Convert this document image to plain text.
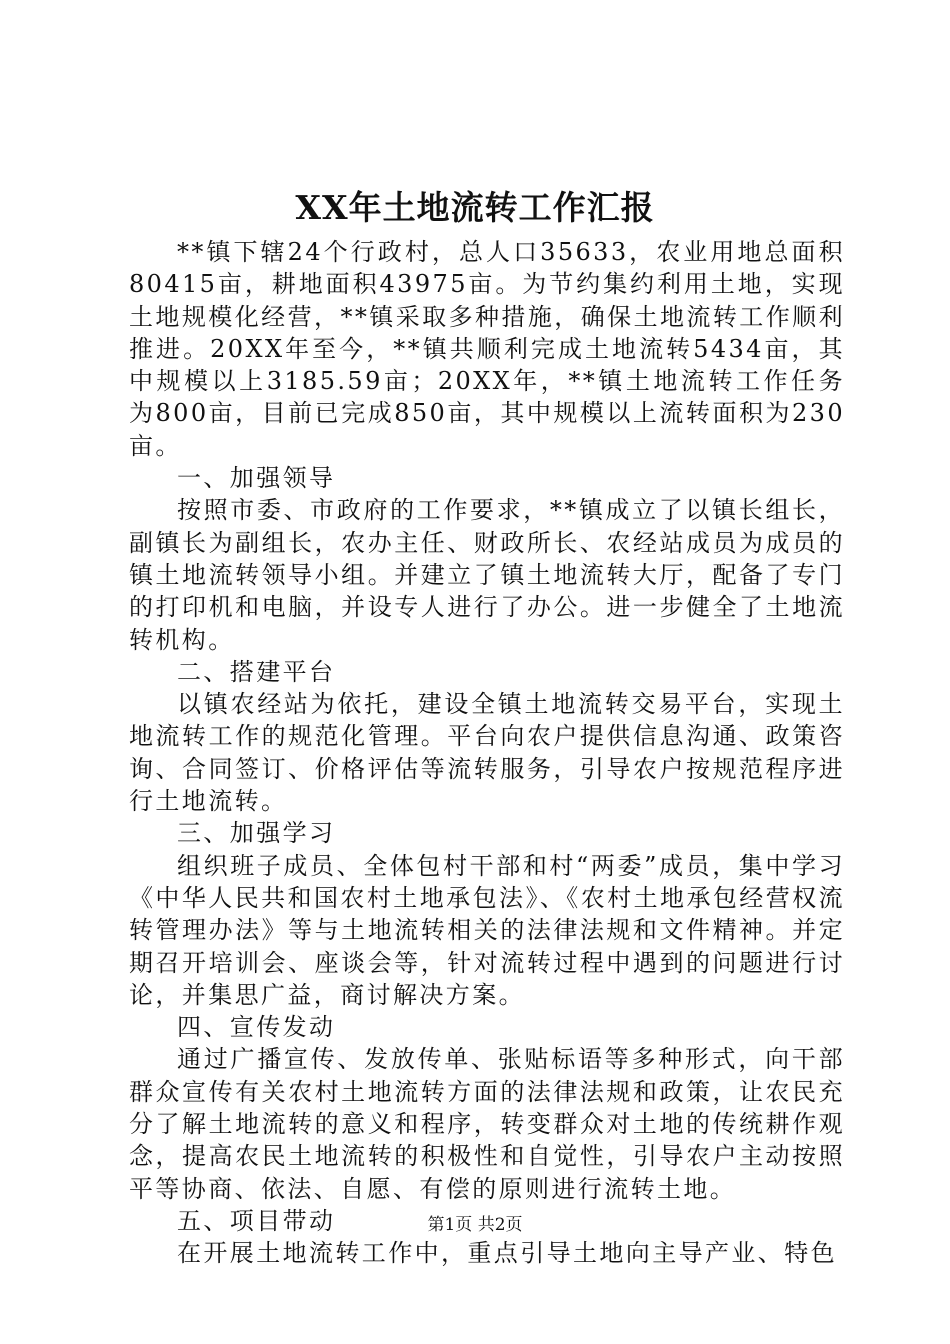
XX年土地流转工作汇报

**镇下辖24个行政村，总人口35633，农业用地总面积80415亩，耕地面积43975亩。为节约集约利用土地，实现土地规模化经营，**镇采取多种措施，确保土地流转工作顺利推进。20XX年至今，**镇共顺利完成土地流转5434亩，其中规模以上3185.59亩；20XX年，**镇土地流转工作任务为800亩，目前已完成850亩，其中规模以上流转面积为230亩。

一、加强领导

按照市委、市政府的工作要求，**镇成立了以镇长组长，副镇长为副组长，农办主任、财政所长、农经站成员为成员的镇土地流转领导小组。并建立了镇土地流转大厅，配备了专门的打印机和电脑，并设专人进行了办公。进一步健全了土地流转机构。

二、搭建平台

以镇农经站为依托，建设全镇土地流转交易平台，实现土地流转工作的规范化管理。平台向农户提供信息沟通、政策咨询、合同签订、价格评估等流转服务，引导农户按规范程序进行土地流转。

三、加强学习

组织班子成员、全体包村干部和村“两委”成员，集中学习《中华人民共和国农村土地承包法》、《农村土地承包经营权流转管理办法》等与土地流转相关的法律法规和文件精神。并定期召开培训会、座谈会等，针对流转过程中遇到的问题进行讨论，并集思广益，商讨解决方案。

四、宣传发动

通过广播宣传、发放传单、张贴标语等多种形式，向干部群众宣传有关农村土地流转方面的法律法规和政策，让农民充分了解土地流转的意义和程序，转变群众对土地的传统耕作观念，提高农民土地流转的积极性和自觉性，引导农户主动按照平等协商、依法、自愿、有偿的原则进行流转土地。

五、项目带动

在开展土地流转工作中，重点引导土地向主导产业、特色

第1页 共2页
